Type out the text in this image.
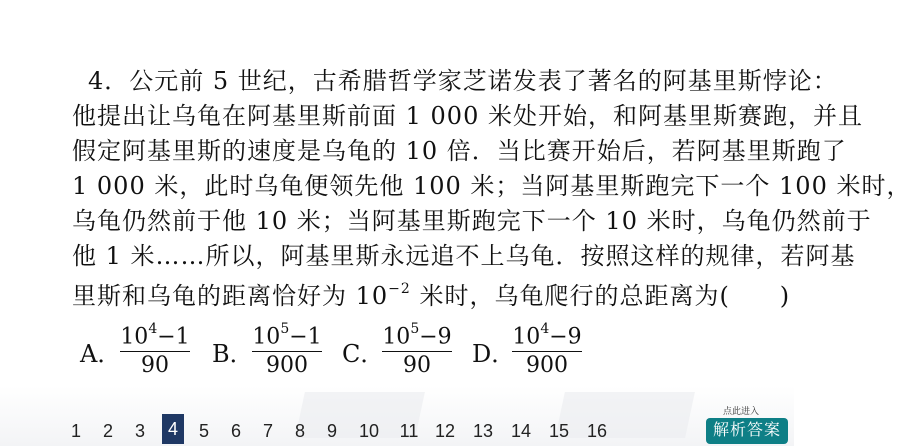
4．公元前 5 世纪，古希腊哲学家芝诺发表了著名的阿基里斯悖论：
他提出让乌龟在阿基里斯前面 1 000 米处开始，和阿基里斯赛跑，并且
假定阿基里斯的速度是乌龟的 10 倍．当比赛开始后，若阿基里斯跑了
1 000 米，此时乌龟便领先他 100 米；当阿基里斯跑完下一个 100 米时，
乌龟仍然前于他 10 米；当阿基里斯跑完下一个 10 米时，乌龟仍然前于
他 1 米……所以，阿基里斯永远追不上乌龟．按照这样的规律，若阿基
里斯和乌龟的距离恰好为 $10^{-2}$ 米时，乌龟爬行的总距离为(　　)
A．
$10^4-1$
90	B．
$10^5-1$
900	C．
$10^5-9$
90	D．
$10^4-9$
900
1 2 3	4	5 6 7 8 9 10 11 12 13 14 15 16
点此进入
解析答案
